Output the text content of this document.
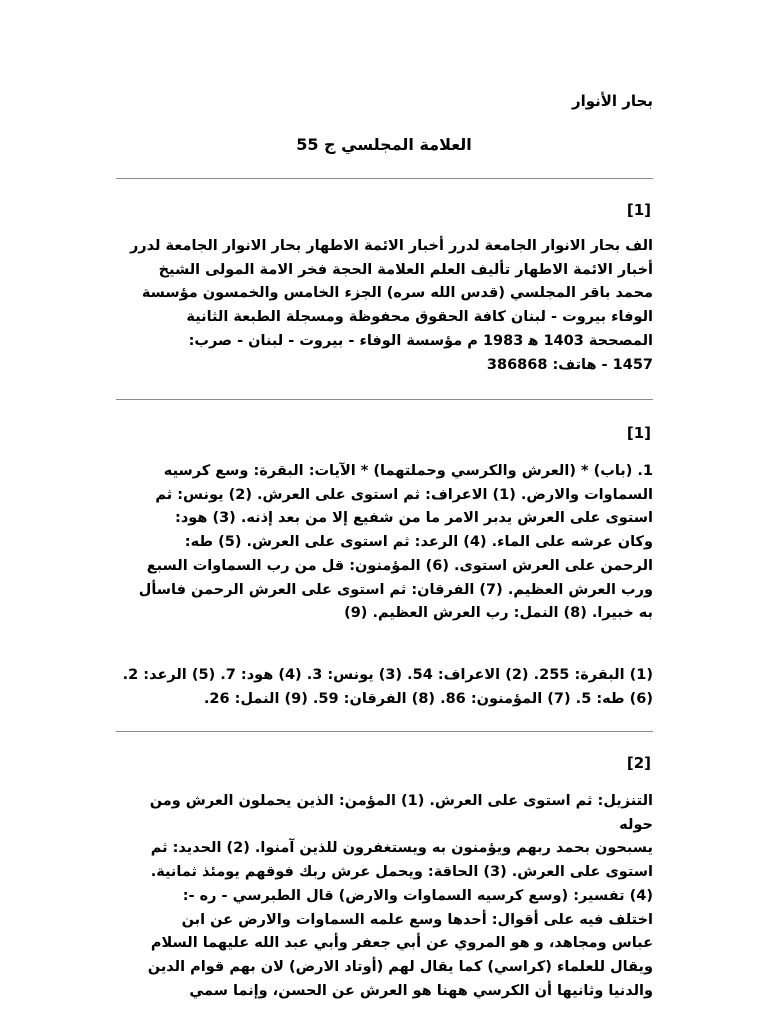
بحار الأنوار
العلامة المجلسي ج 55
[1]

الف بحار الانوار الجامعة لدرر أخبار الائمة الاطهار بحار الانوار الجامعة لدرر

أخبار الائمة الاطهار تأليف العلم العلامة الحجة فخر الامة المولى الشيخ

محمد باقر المجلسي (قدس الله سره) الجزء الخامس والخمسون مؤسسة

الوفاء بيروت - لبنان كافة الحقوق محفوظة ومسجلة الطبعة الثانية

المصححة 1403 ه‍ 1983 م مؤسسة الوفاء - بيروت - لبنان - صرب:

1457 - هاتف: 386868

[1]

1. (باب) * (العرش والكرسي وحملتهما) * الآيات: البقرة: وسع كرسيه

السماوات والارض. (1) الاعراف: ثم استوى على العرش. (2) يونس: ثم

استوى على العرش يدبر الامر ما من شفيع إلا من بعد إذنه. (3) هود:

وكان عرشه على الماء. (4) الرعد: ثم استوى على العرش. (5) طه:

الرحمن على العرش استوى. (6) المؤمنون: قل من رب السماوات السبع

ورب العرش العظيم. (7) الفرقان: ثم استوى على العرش الرحمن فاسأل

به خبيرا. (8) النمل: رب العرش العظيم. (9)

(1) البقرة: 255. (2) الاعراف: 54. (3) يونس: 3. (4) هود: 7. (5) الرعد: 2.

(6) طه: 5. (7) المؤمنون: 86. (8) الفرقان: 59. (9) النمل: 26.

[2]

التنزيل: ثم استوى على العرش. (1) المؤمن: الذين يحملون العرش ومن حوله

يسبحون بحمد ربهم ويؤمنون به ويستغفرون للذين آمنوا. (2) الحديد: ثم

استوى على العرش. (3) الحاقة: ويحمل عرش ربك فوقهم يومئذ ثمانية.

(4) تفسير: (وسع كرسيه السماوات والارض) قال الطبرسي - ره -:

اختلف فيه على أقوال: أحدها وسع علمه السماوات والارض عن ابن

عباس ومجاهد، و هو المروي عن أبي جعفر وأبي عبد الله عليهما السلام

ويقال للعلماء (كراسي) كما يقال لهم (أوتاد الارض) لان بهم قوام الدين

والدنيا وثانيها أن الكرسي ههنا هو العرش عن الحسن، وإنما سمي
